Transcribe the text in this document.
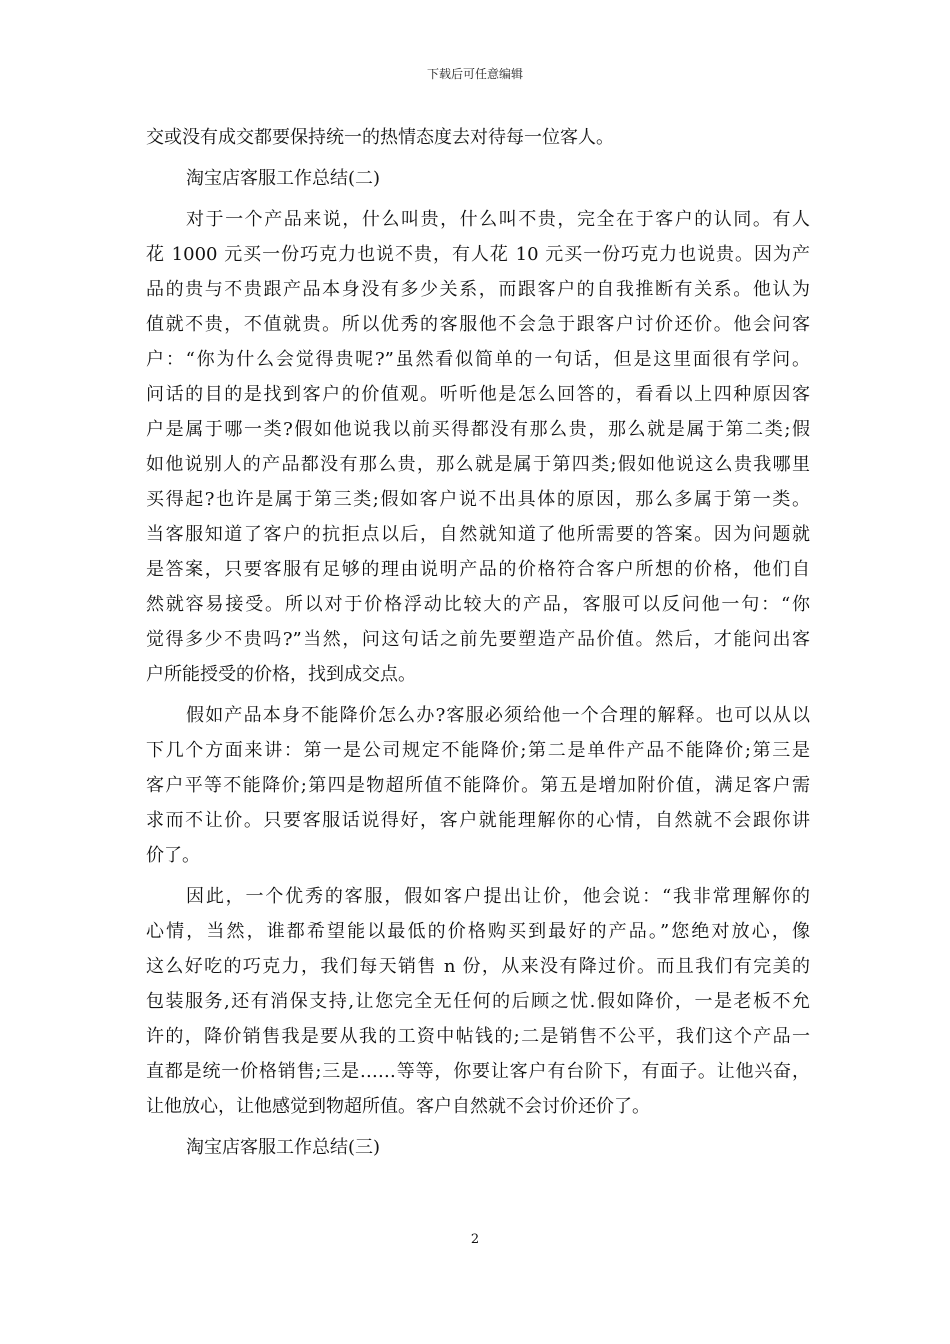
下载后可任意编辑
交或没有成交都要保持统一的热情态度去对待每一位客人。
淘宝店客服工作总结(二)
对于一个产品来说，什么叫贵，什么叫不贵，完全在于客户的认同。有人
花 1000 元买一份巧克力也说不贵，有人花 10 元买一份巧克力也说贵。因为产
品的贵与不贵跟产品本身没有多少关系，而跟客户的自我推断有关系。他认为
值就不贵，不值就贵。所以优秀的客服他不会急于跟客户讨价还价。他会问客
户：“你为什么会觉得贵呢?”虽然看似简单的一句话，但是这里面很有学问。
问话的目的是找到客户的价值观。听听他是怎么回答的，看看以上四种原因客
户是属于哪一类?假如他说我以前买得都没有那么贵，那么就是属于第二类;假
如他说别人的产品都没有那么贵，那么就是属于第四类;假如他说这么贵我哪里
买得起?也许是属于第三类;假如客户说不出具体的原因，那么多属于第一类。
当客服知道了客户的抗拒点以后，自然就知道了他所需要的答案。因为问题就
是答案，只要客服有足够的理由说明产品的价格符合客户所想的价格，他们自
然就容易接受。所以对于价格浮动比较大的产品，客服可以反问他一句：“你
觉得多少不贵吗?”当然，问这句话之前先要塑造产品价值。然后，才能问出客
户所能授受的价格，找到成交点。
假如产品本身不能降价怎么办?客服必须给他一个合理的解释。也可以从以
下几个方面来讲：第一是公司规定不能降价;第二是单件产品不能降价;第三是
客户平等不能降价;第四是物超所值不能降价。第五是增加附价值，满足客户需
求而不让价。只要客服话说得好，客户就能理解你的心情，自然就不会跟你讲
价了。
因此，一个优秀的客服，假如客户提出让价，他会说：“我非常理解你的
心情，当然，谁都希望能以最低的价格购买到最好的产品。”您绝对放心，像
这么好吃的巧克力，我们每天销售 n 份，从来没有降过价。而且我们有完美的
包装服务,还有消保支持,让您完全无任何的后顾之忧.假如降价，一是老板不允
许的，降价销售我是要从我的工资中帖钱的;二是销售不公平，我们这个产品一
直都是统一价格销售;三是……等等，你要让客户有台阶下，有面子。让他兴奋，
让他放心，让他感觉到物超所值。客户自然就不会讨价还价了。
淘宝店客服工作总结(三)
2
